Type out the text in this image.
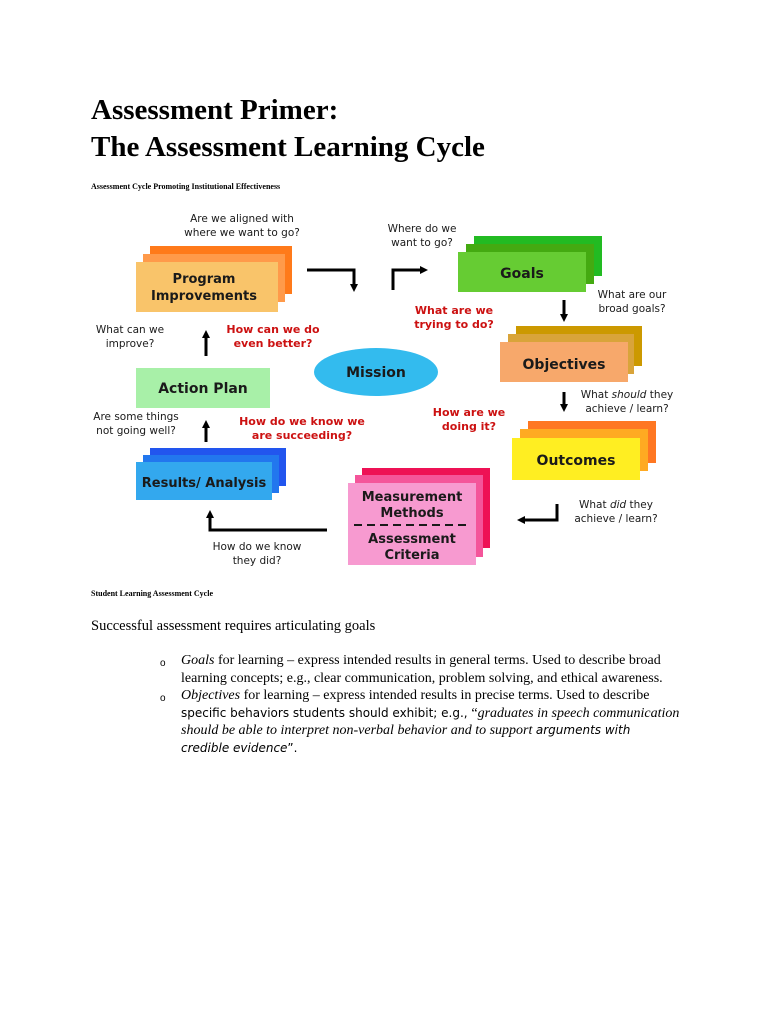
Assessment Primer:
The Assessment Learning Cycle
Assessment Cycle Promoting Institutional Effectiveness
Program
Improvements
Goals
Objectives
Outcomes
Measurement
Methods
Assessment
Criteria
Results/ Analysis
Action Plan
Mission
Are we aligned with
where we want to go?	Where do we
want to go?
What are our
broad goals?
What should they
achieve / learn?
What did they
achieve / learn?
How do we know
they did?
Are some things
not going well?
What can we
improve?
What are we
trying to do?
How are we
doing it?
How do we know we
are succeeding?
How can we do
even better?
Student Learning Assessment Cycle
Successful assessment requires articulating goals
o Goals for learning – express intended results in general terms. Used to describe broad learning concepts; e.g., clear communication, problem solving, and ethical awareness.
o Objectives for learning – express intended results in precise terms. Used to describe specific behaviors students should exhibit; e.g., “graduates in speech communication should be able to interpret non-verbal behavior and to support arguments with credible evidence”.
